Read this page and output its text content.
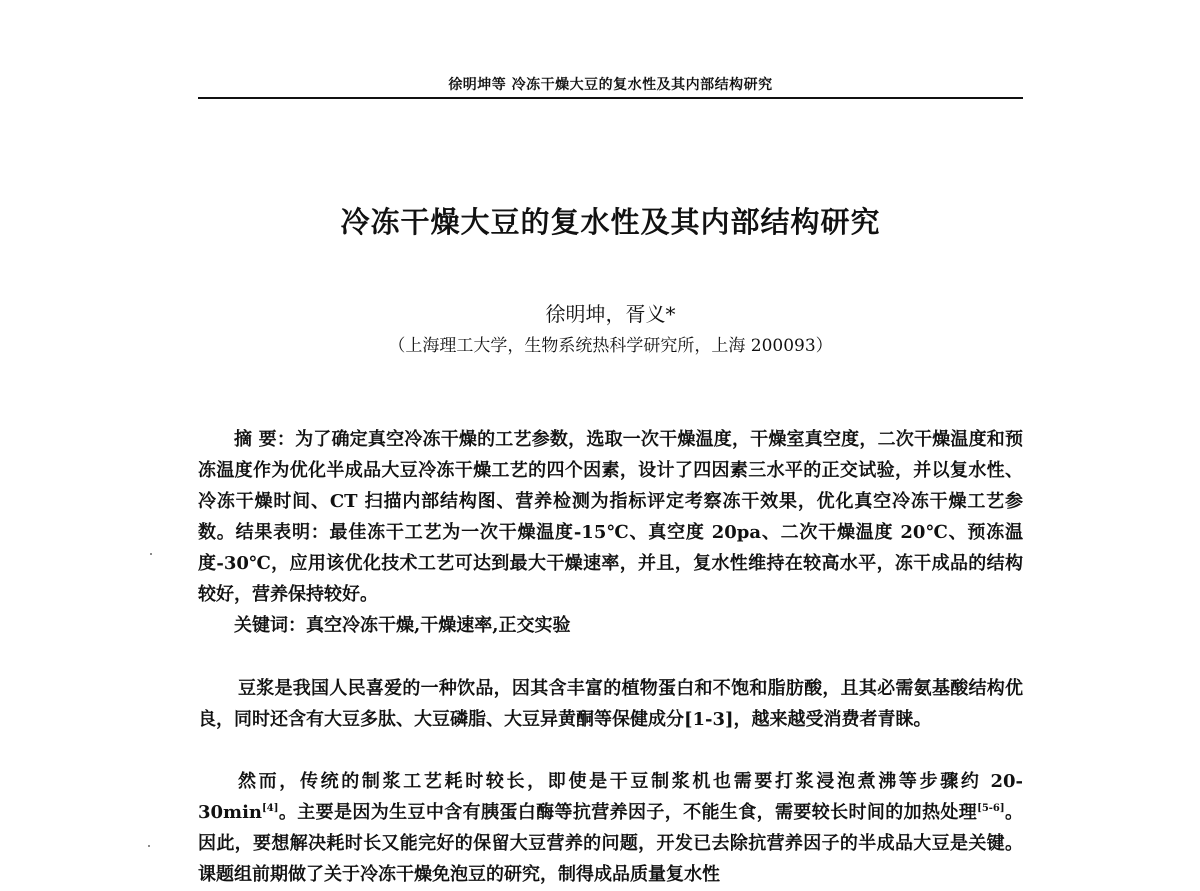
徐明坤等 冷冻干燥大豆的复水性及其内部结构研究
冷冻干燥大豆的复水性及其内部结构研究
徐明坤，胥义*
（上海理工大学，生物系统热科学研究所，上海 200093）
摘 要：为了确定真空冷冻干燥的工艺参数，选取一次干燥温度，干燥室真空度，二次干燥温度和预冻温度作为优化半成品大豆冷冻干燥工艺的四个因素，设计了四因素三水平的正交试验，并以复水性、冷冻干燥时间、CT 扫描内部结构图、营养检测为指标评定考察冻干效果，优化真空冷冻干燥工艺参数。结果表明：最佳冻干工艺为一次干燥温度-15℃、真空度 20pa、二次干燥温度 20℃、预冻温度-30℃，应用该优化技术工艺可达到最大干燥速率，并且，复水性维持在较高水平，冻干成品的结构较好，营养保持较好。
关键词：真空冷冻干燥,干燥速率,正交实验
豆浆是我国人民喜爱的一种饮品，因其含丰富的植物蛋白和不饱和脂肪酸，且其必需氨基酸结构优良，同时还含有大豆多肽、大豆磷脂、大豆异黄酮等保健成分[1-3]，越来越受消费者青睐。
然而，传统的制浆工艺耗时较长，即使是干豆制浆机也需要打浆浸泡煮沸等步骤约 20-30min[4]。主要是因为生豆中含有胰蛋白酶等抗营养因子，不能生食，需要较长时间的加热处理[5-6]。因此，要想解决耗时长又能完好的保留大豆营养的问题，开发已去除抗营养因子的半成品大豆是关键。课题组前期做了关于冷冻干燥免泡豆的研究，制得成品质量复水性
